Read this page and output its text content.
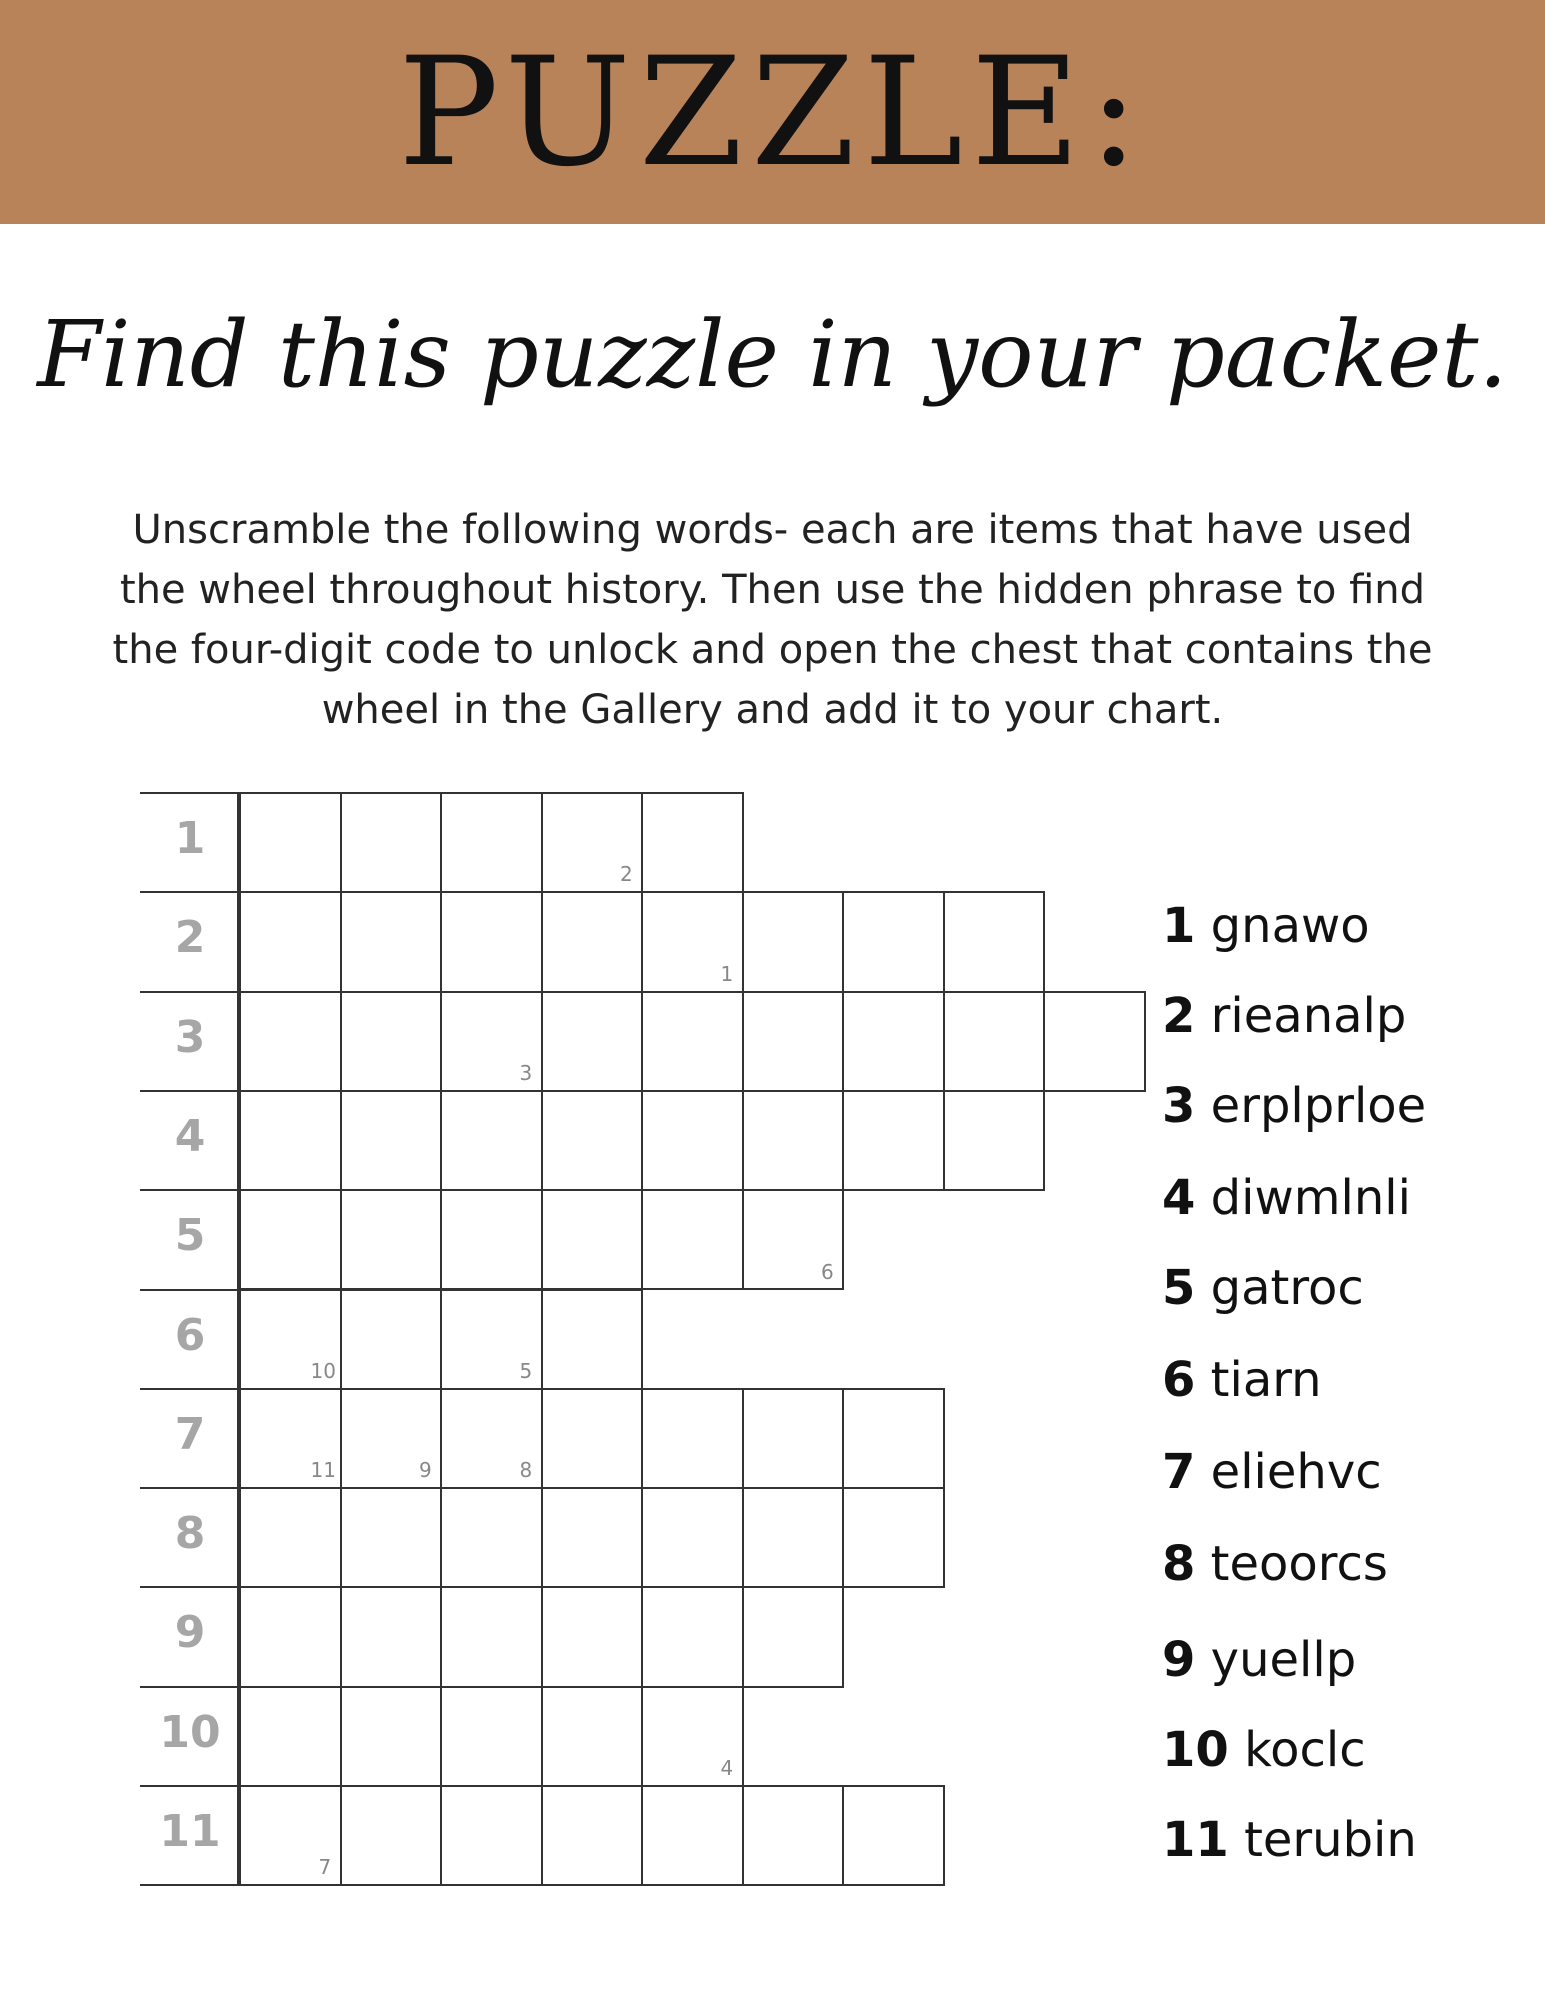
PUZZLE:
Find this puzzle in your packet.
Unscramble the following words- each are items that have used the wheel throughout history. Then use the hidden phrase to find the four-digit code to unlock and open the chest that contains the wheel in the Gallery and add it to your chart.
1
2
3
4
5
6
7
8
9
10
11
2
1
3
6
10	5
11	9	8
4
7
1 gnawo
2 rieanalp
3 erplprloe
4 diwmlnli
5 gatroc
6 tiarn
7 eliehvc
8 teoorcs
9 yuellp
10 koclc
11 terubin
